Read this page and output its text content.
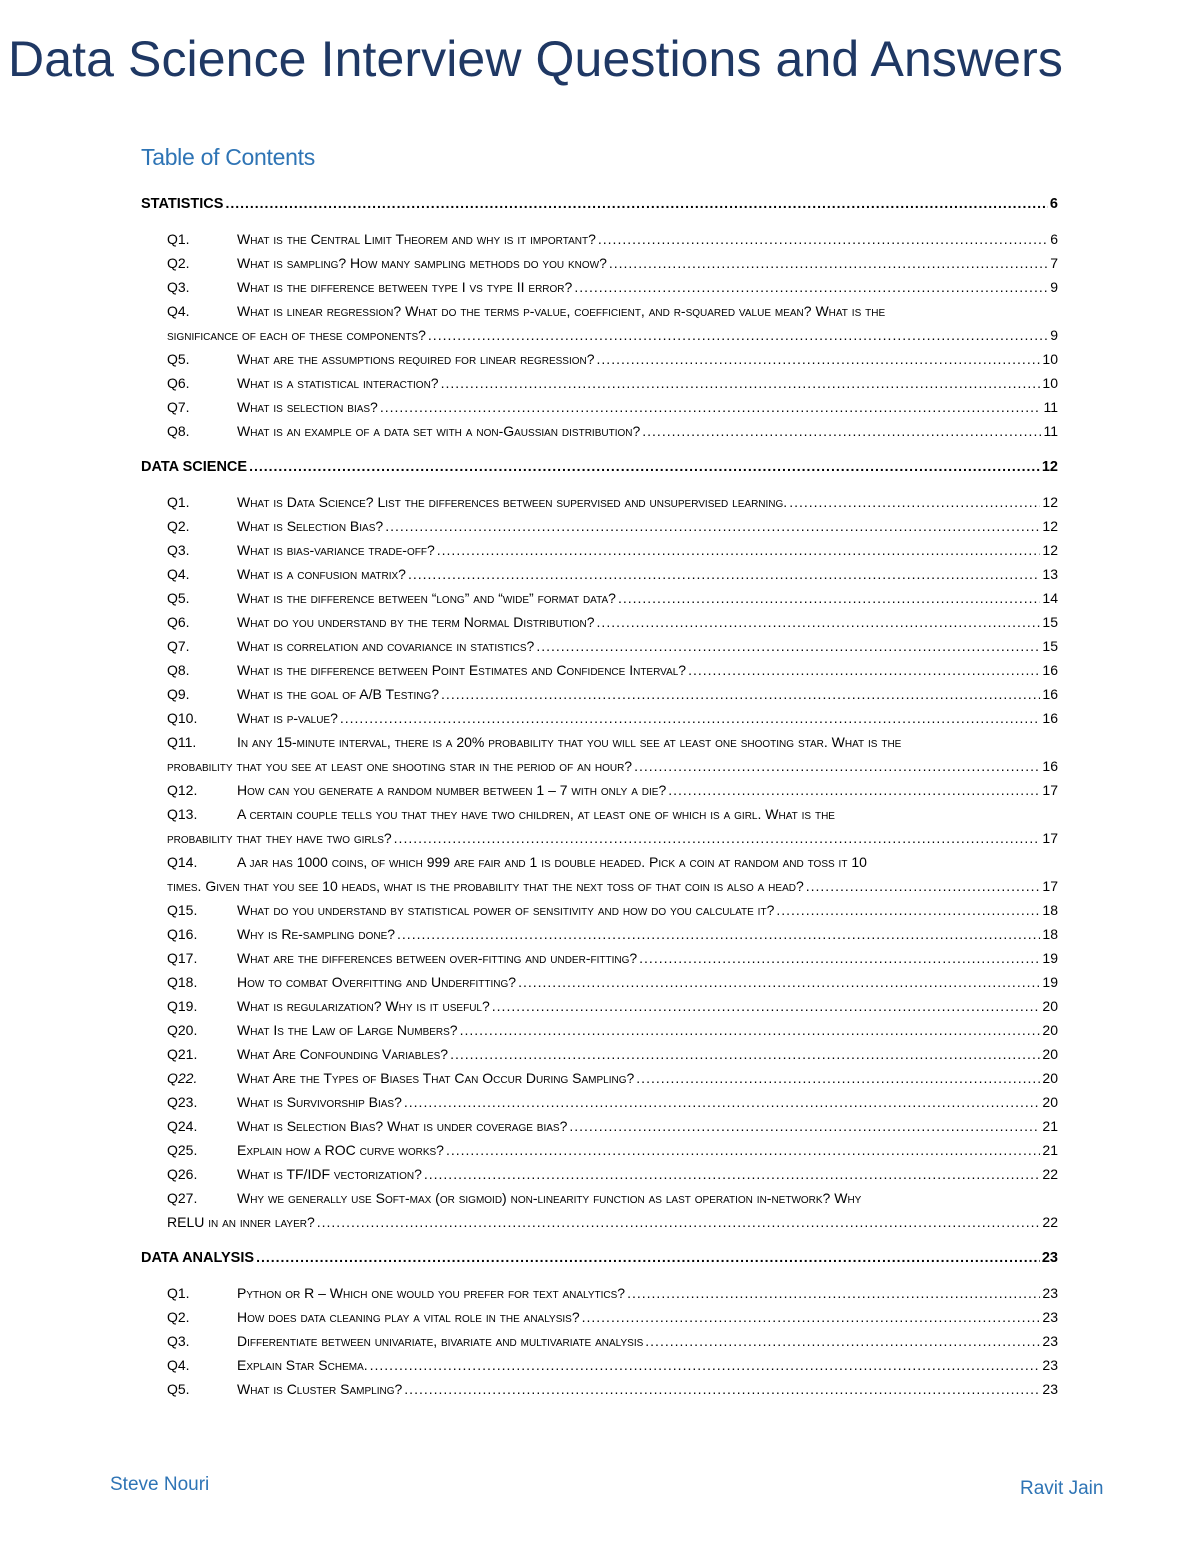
Data Science Interview Questions and Answers
Table of Contents
STATISTICS .....	6
Q1.	What is the Central Limit Theorem and why is it important? .....	6
Q2.	What is sampling? How many sampling methods do you know? .....	7
Q3.	What is the difference between type I vs type II error? .....	9
Q4.	What is linear regression? What do the terms p-value, coefficient, and r-squared value mean? What is the
significance of each of these components? .....	9
Q5.	What are the assumptions required for linear regression? .....	10
Q6.	What is a statistical interaction? .....	10
Q7.	What is selection bias? .....	11
Q8.	What is an example of a data set with a non-Gaussian distribution? .....	11
DATA SCIENCE .....	12
Q1.	What is Data Science? List the differences between supervised and unsupervised learning. .....	12
Q2.	What is Selection Bias? .....	12
Q3.	What is bias-variance trade-off? .....	12
Q4.	What is a confusion matrix? .....	13
Q5.	What is the difference between “long” and “wide” format data? .....	14
Q6.	What do you understand by the term Normal Distribution? .....	15
Q7.	What is correlation and covariance in statistics? .....	15
Q8.	What is the difference between Point Estimates and Confidence Interval? .....	16
Q9.	What is the goal of A/B Testing? .....	16
Q10.	What is p-value? .....	16
Q11.	In any 15-minute interval, there is a 20% probability that you will see at least one shooting star. What is the
probability that you see at least one shooting star in the period of an hour? .....	16
Q12.	How can you generate a random number between 1 – 7 with only a die? .....	17
Q13.	A certain couple tells you that they have two children, at least one of which is a girl. What is the
probability that they have two girls? .....	17
Q14.	A jar has 1000 coins, of which 999 are fair and 1 is double headed. Pick a coin at random and toss it 10
times. Given that you see 10 heads, what is the probability that the next toss of that coin is also a head? .....	17
Q15.	What do you understand by statistical power of sensitivity and how do you calculate it? .....	18
Q16.	Why is Re-sampling done? .....	18
Q17.	What are the differences between over-fitting and under-fitting? .....	19
Q18.	How to combat Overfitting and Underfitting? .....	19
Q19.	What is regularization? Why is it useful? .....	20
Q20.	What Is the Law of Large Numbers? .....	20
Q21.	What Are Confounding Variables? .....	20
Q22.	What Are the Types of Biases That Can Occur During Sampling? .....	20
Q23.	What is Survivorship Bias? .....	20
Q24.	What is Selection Bias? What is under coverage bias? .....	21
Q25.	Explain how a ROC curve works? .....	21
Q26.	What is TF/IDF vectorization? .....	22
Q27.	Why we generally use Soft-max (or sigmoid) non-linearity function as last operation in-network? Why
RELU in an inner layer? .....	22
DATA ANALYSIS .....	23
Q1.	Python or R – Which one would you prefer for text analytics? .....	23
Q2.	How does data cleaning play a vital role in the analysis? .....	23
Q3.	Differentiate between univariate, bivariate and multivariate analysis .....	23
Q4.	Explain Star Schema. .....	23
Q5.	What is Cluster Sampling? .....	23
Steve Nouri	Ravit Jain
